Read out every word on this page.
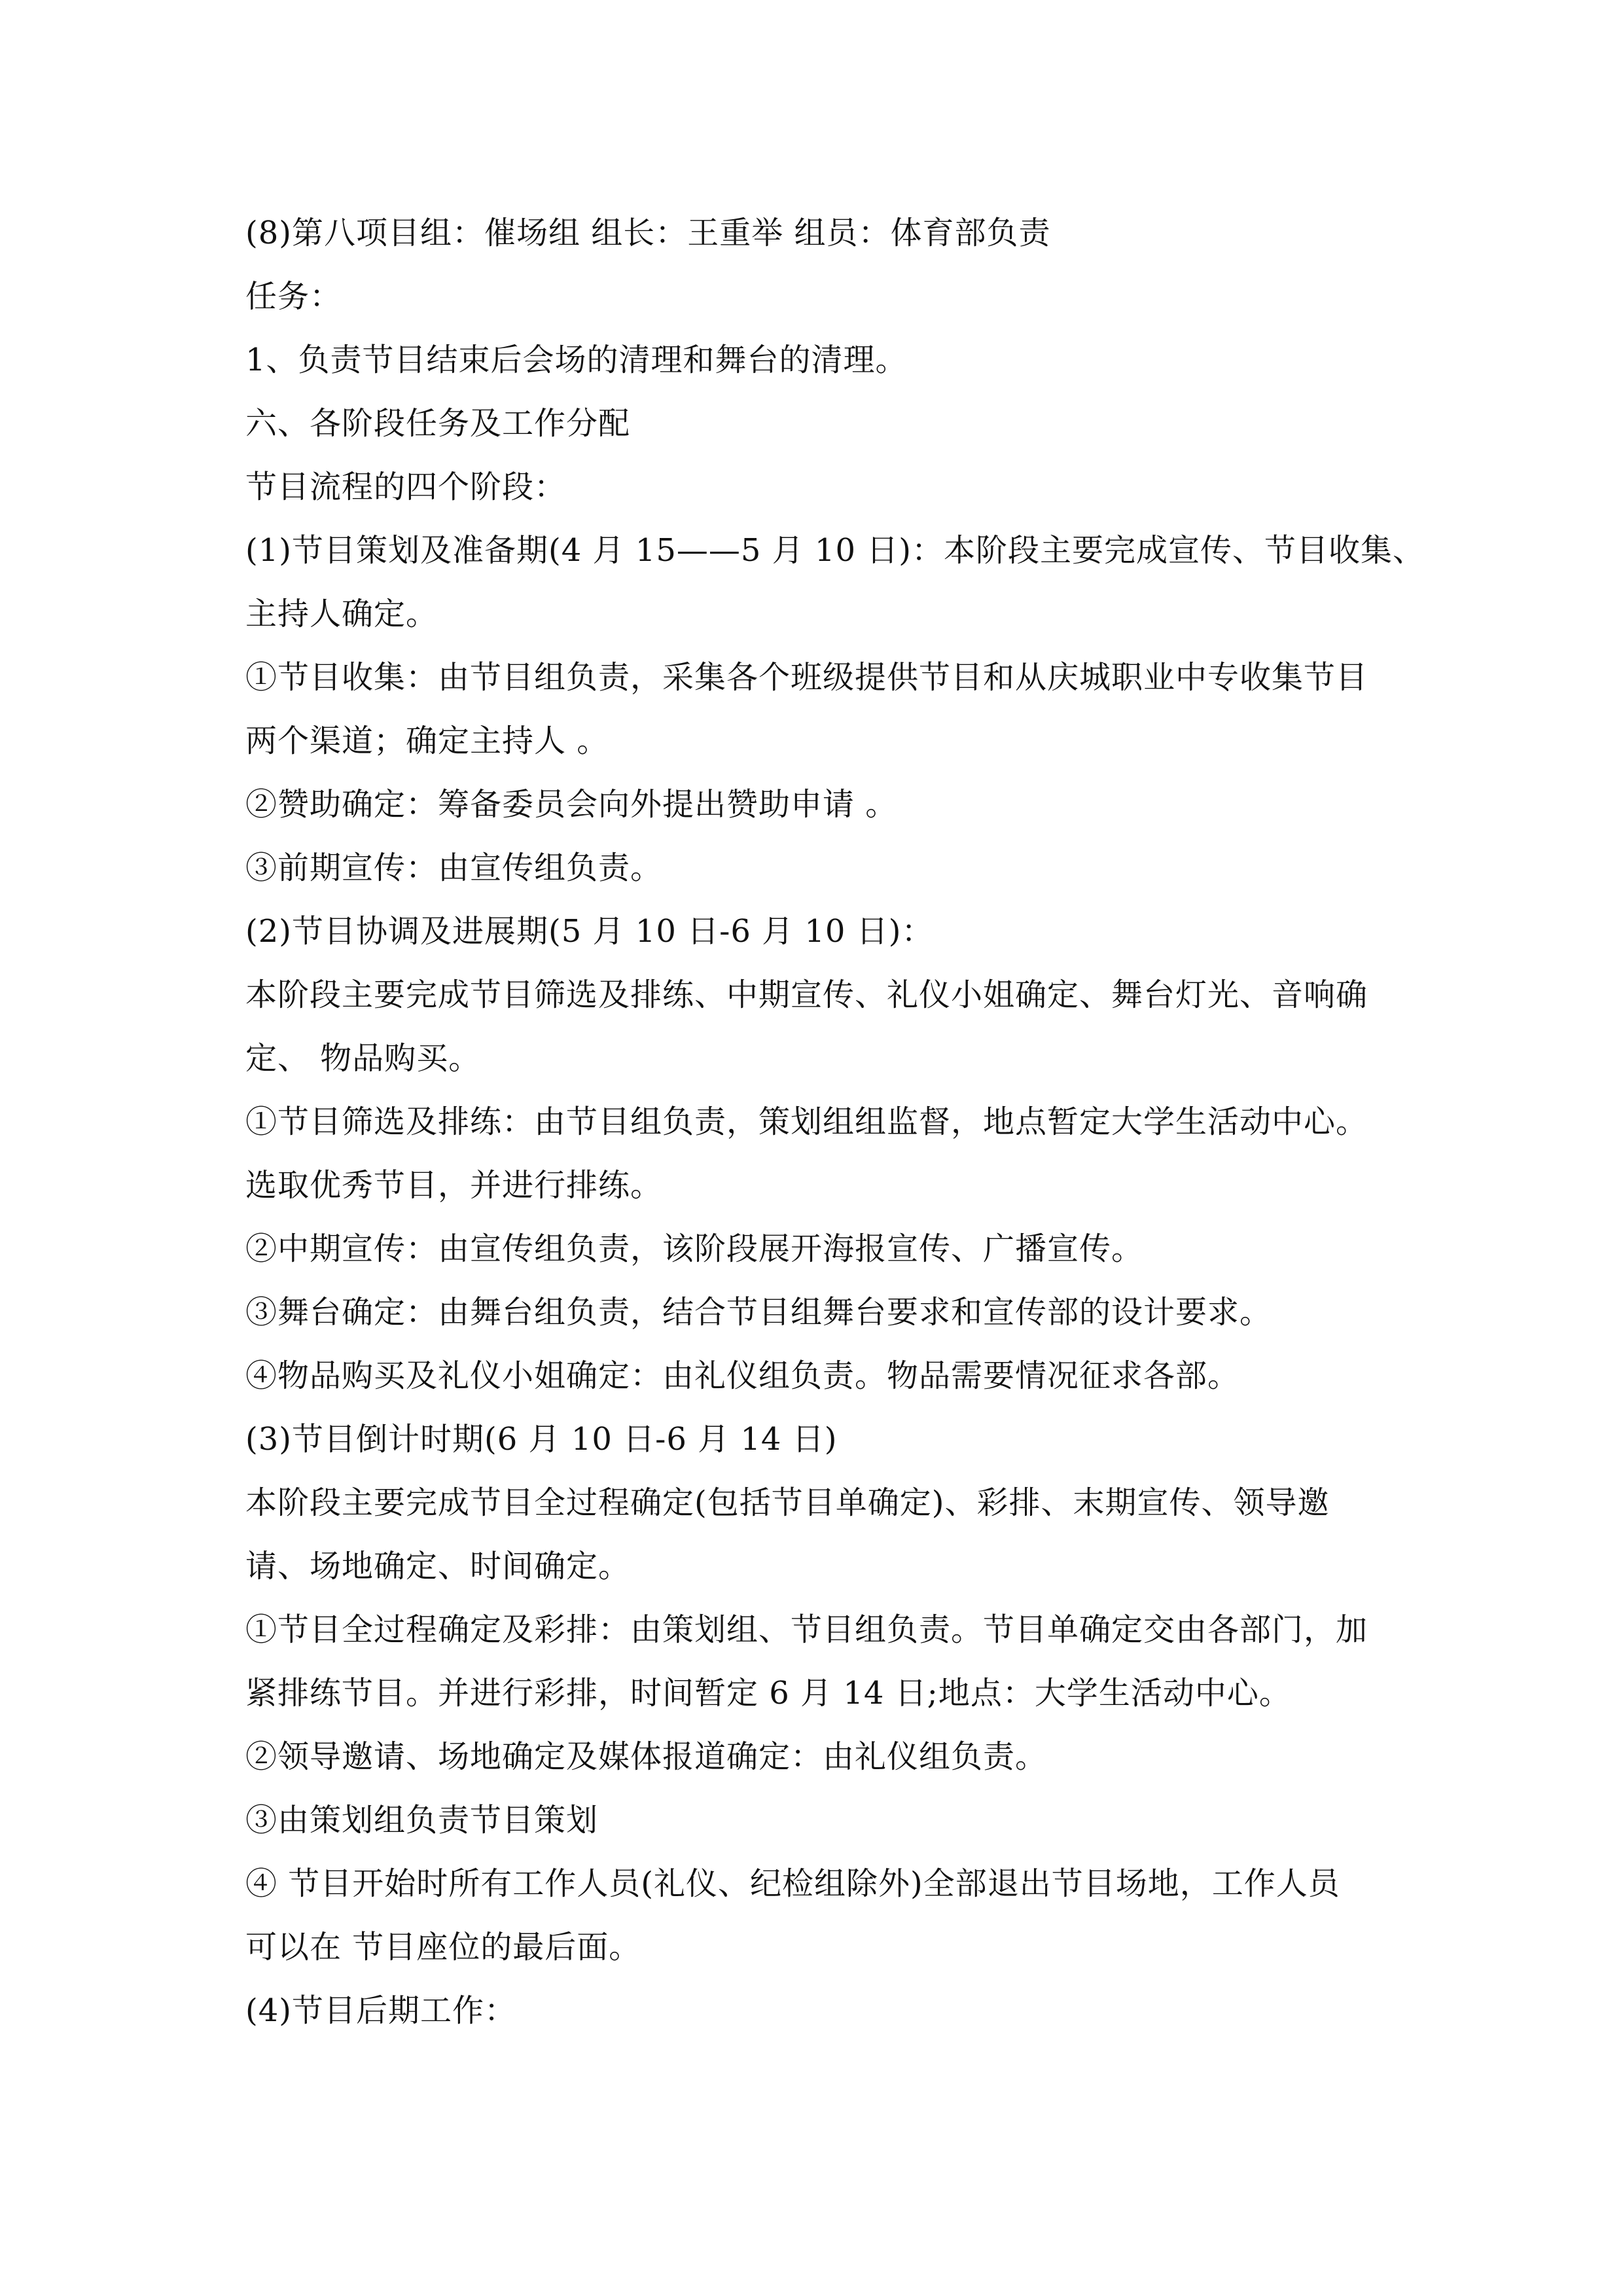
(8)第八项目组：催场组 组长：王重举 组员：体育部负责
任务：
1、负责节目结束后会场的清理和舞台的清理。
六、各阶段任务及工作分配
节目流程的四个阶段：
(1)节目策划及准备期(4 月 15——5 月 10 日)：本阶段主要完成宣传、节目收集、
主持人确定。
①节目收集：由节目组负责，采集各个班级提供节目和从庆城职业中专收集节目
两个渠道；确定主持人 。
②赞助确定：筹备委员会向外提出赞助申请 。
③前期宣传：由宣传组负责。
(2)节目协调及进展期(5 月 10 日-6 月 10 日)：
本阶段主要完成节目筛选及排练、中期宣传、礼仪小姐确定、舞台灯光、音响确
定、 物品购买。
①节目筛选及排练：由节目组负责，策划组组监督，地点暂定大学生活动中心。
选取优秀节目，并进行排练。
②中期宣传：由宣传组负责，该阶段展开海报宣传、广播宣传。
③舞台确定：由舞台组负责，结合节目组舞台要求和宣传部的设计要求。
④物品购买及礼仪小姐确定：由礼仪组负责。物品需要情况征求各部。
(3)节目倒计时期(6 月 10 日-6 月 14 日)
本阶段主要完成节目全过程确定(包括节目单确定)、彩排、末期宣传、领导邀
请、场地确定、时间确定。
①节目全过程确定及彩排：由策划组、节目组负责。节目单确定交由各部门，加
紧排练节目。并进行彩排，时间暂定 6 月 14 日;地点：大学生活动中心。
②领导邀请、场地确定及媒体报道确定：由礼仪组负责。
③由策划组负责节目策划
④ 节目开始时所有工作人员(礼仪、纪检组除外)全部退出节目场地，工作人员
可以在 节目座位的最后面。
(4)节目后期工作：
